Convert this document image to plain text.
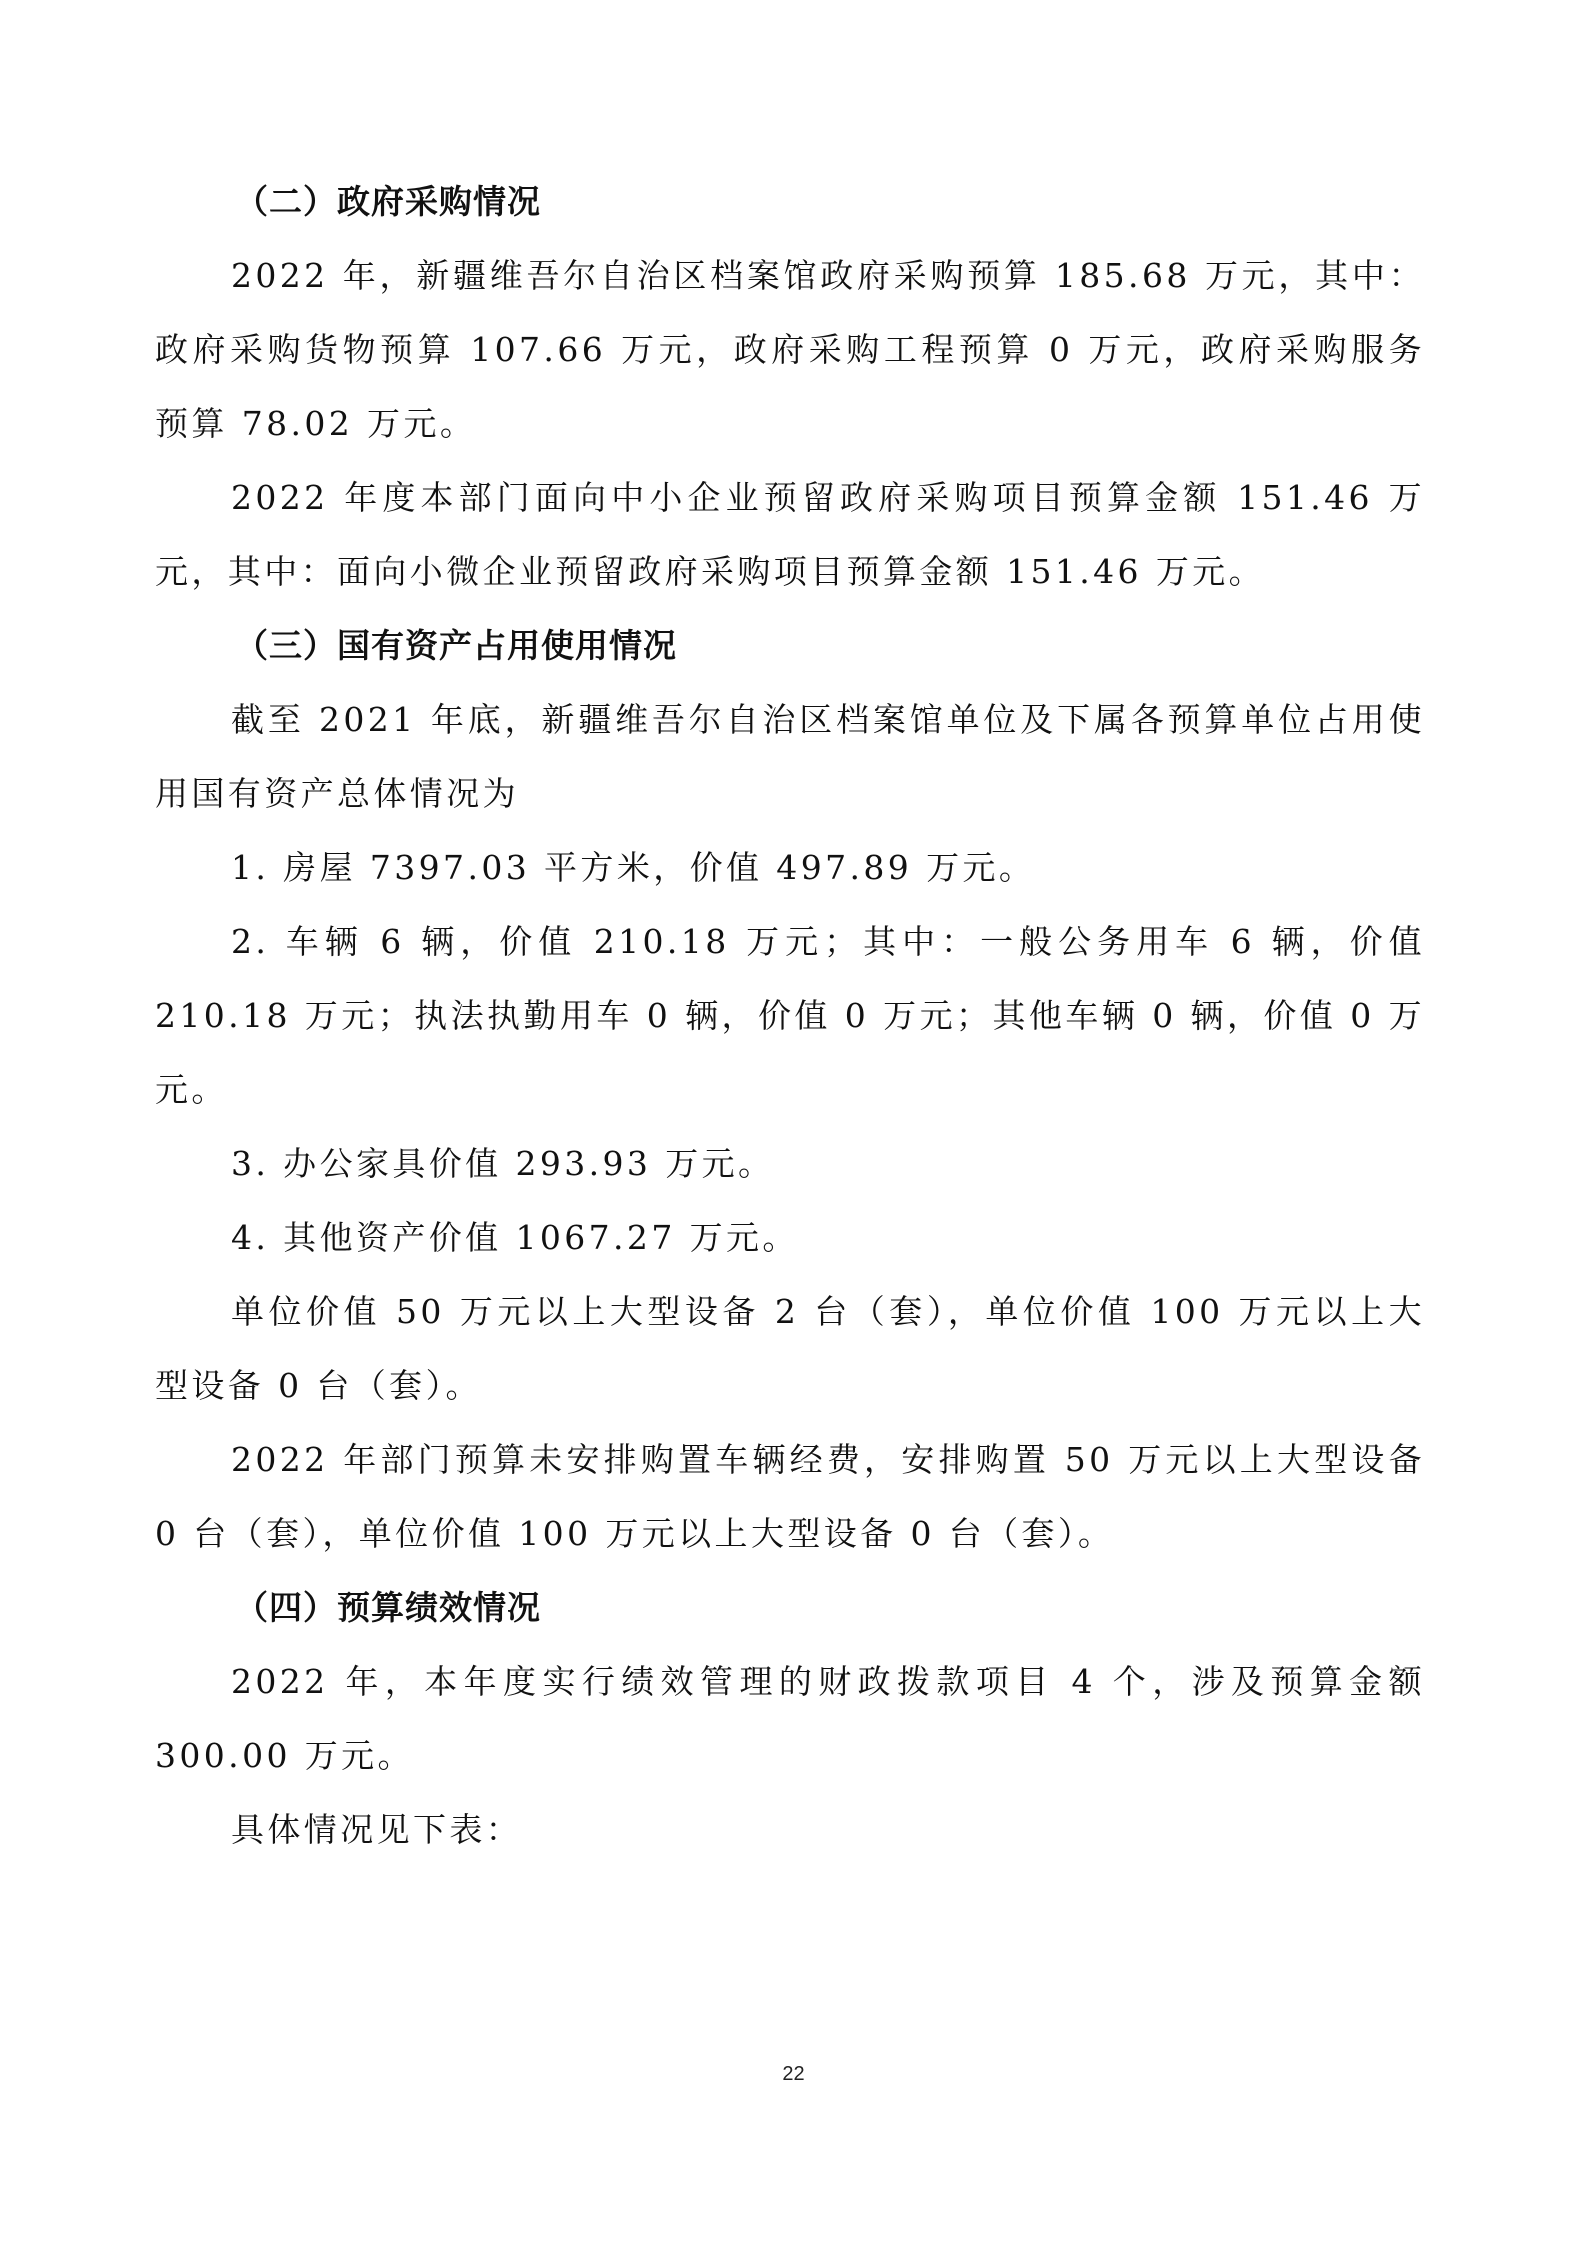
（二）政府采购情况

2022 年，新疆维吾尔自治区档案馆政府采购预算 185.68 万元，其中： 政府采购货物预算 107.66 万元，政府采购工程预算 0 万元，政府采购服务预算 78.02 万元。

2022 年度本部门面向中小企业预留政府采购项目预算金额 151.46 万元，其中：面向小微企业预留政府采购项目预算金额 151.46 万元。

（三）国有资产占用使用情况

截至 2021 年底，新疆维吾尔自治区档案馆单位及下属各预算单位占用使用国有资产总体情况为

1. 房屋 7397.03 平方米，价值 497.89 万元。

2. 车辆 6 辆，价值 210.18 万元；其中：一般公务用车 6 辆，价值 210.18 万元；执法执勤用车 0 辆，价值 0 万元；其他车辆 0 辆，价值 0 万元。

3. 办公家具价值 293.93 万元。

4. 其他资产价值 1067.27 万元。

单位价值 50 万元以上大型设备 2 台（套），单位价值 100 万元以上大型设备 0 台（套）。

2022 年部门预算未安排购置车辆经费，安排购置 50 万元以上大型设备 0 台（套），单位价值 100 万元以上大型设备 0 台（套）。

（四）预算绩效情况

2022 年，本年度实行绩效管理的财政拨款项目 4 个，涉及预算金额 300.00 万元。

具体情况见下表：

22
